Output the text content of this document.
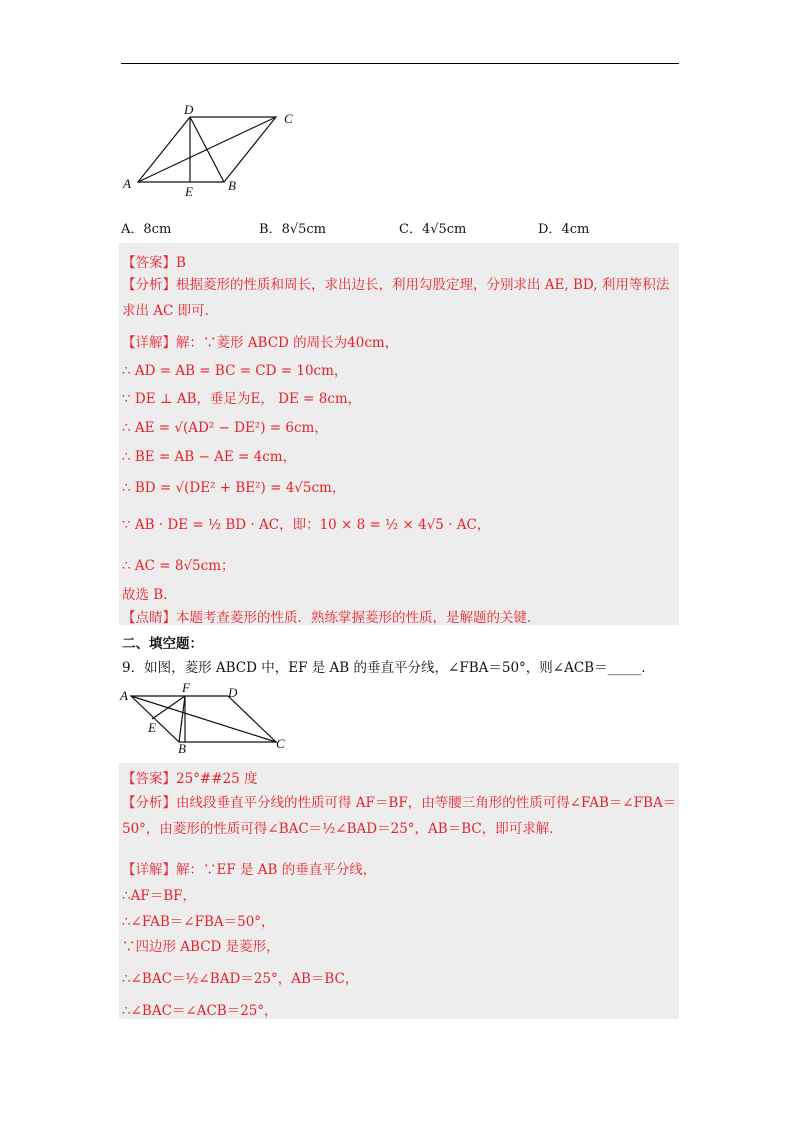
A
D
C
B
E
A．8cm	B．8√5cm	C．4√5cm	D．4cm
【答案】B
【分析】根据菱形的性质和周长，求出边长，利用勾股定理，分别求出 AE, BD, 利用等积法求出 AC 即可.
【详解】解：∵菱形 ABCD 的周长为40cm，
∴ AD = AB = BC = CD = 10cm，
∵ DE ⊥ AB，垂足为E， DE = 8cm，
∴ AE = √(AD² − DE²) = 6cm，
∴ BE = AB − AE = 4cm，
∴ BD = √(DE² + BE²) = 4√5cm，
∵ AB · DE = ½ BD · AC，即：10 × 8 = ½ × 4√5 · AC，
∴ AC = 8√5cm；
故选 B.
【点睛】本题考查菱形的性质．熟练掌握菱形的性质，是解题的关键．
二、填空题：
9．如图，菱形 ABCD 中，EF 是 AB 的垂直平分线，∠FBA＝50°，则∠ACB＝_____．
A
F	D
C
B
E
【答案】25°##25 度
【分析】由线段垂直平分线的性质可得 AF＝BF，由等腰三角形的性质可得∠FAB＝∠FBA＝50°，由菱形的性质可得∠BAC＝½∠BAD＝25°，AB＝BC，即可求解．
【详解】解：∵EF 是 AB 的垂直平分线，
∴AF＝BF，
∴∠FAB＝∠FBA＝50°，
∵四边形 ABCD 是菱形，
∴∠BAC＝½∠BAD＝25°，AB＝BC，
∴∠BAC＝∠ACB＝25°，
